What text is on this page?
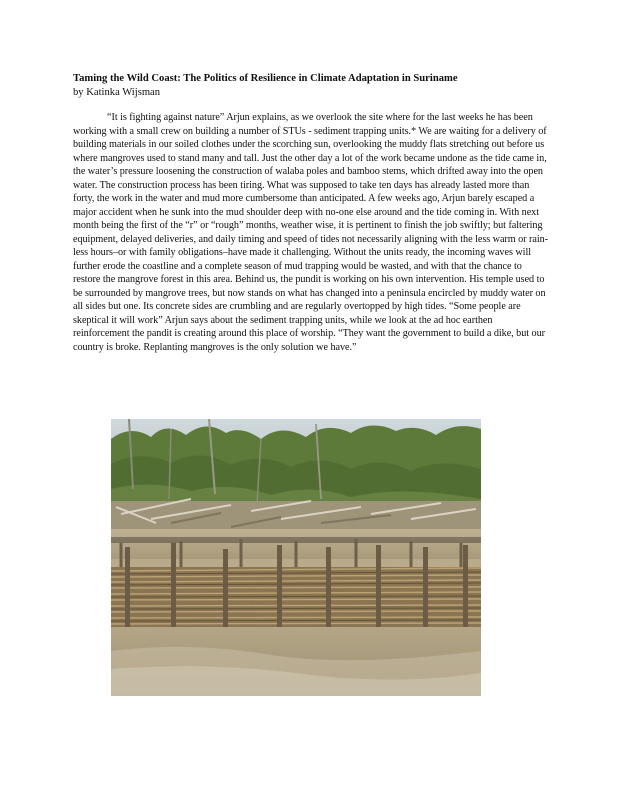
Taming the Wild Coast: The Politics of Resilience in Climate Adaptation in Suriname
by Katinka Wijsman

“It is fighting against nature” Arjun explains, as we overlook the site where for the last weeks he has been working with a small crew on building a number of STUs - sediment trapping units.* We are waiting for a delivery of building materials in our soiled clothes under the scorching sun, overlooking the muddy flats stretching out before us where mangroves used to stand many and tall. Just the other day a lot of the work became undone as the tide came in, the water’s pressure loosening the construction of walaba poles and bamboo stems, which drifted away into the open water. The construction process has been tiring. What was supposed to take ten days has already lasted more than forty, the work in the water and mud more cumbersome than anticipated. A few weeks ago, Arjun barely escaped a major accident when he sunk into the mud shoulder deep with no-one else around and the tide coming in. With next month being the first of the “r” or “rough” months, weather wise, it is pertinent to finish the job swiftly; but faltering equipment, delayed deliveries, and daily timing and speed of tides not necessarily aligning with the less warm or rain-less hours–or with family obligations–have made it challenging. Without the units ready, the incoming waves will further erode the coastline and a complete season of mud trapping would be wasted, and with that the chance to restore the mangrove forest in this area. Behind us, the pundit is working on his own intervention. His temple used to be surrounded by mangrove trees, but now stands on what has changed into a peninsula encircled by muddy water on all sides but one. Its concrete sides are crumbling and are regularly overtopped by high tides. “Some people are skeptical it will work” Arjun says about the sediment trapping units, while we look at the ad hoc earthen reinforcement the pandit is creating around this place of worship. “They want the government to build a dike, but our country is broke. Replanting mangroves is the only solution we have.”
